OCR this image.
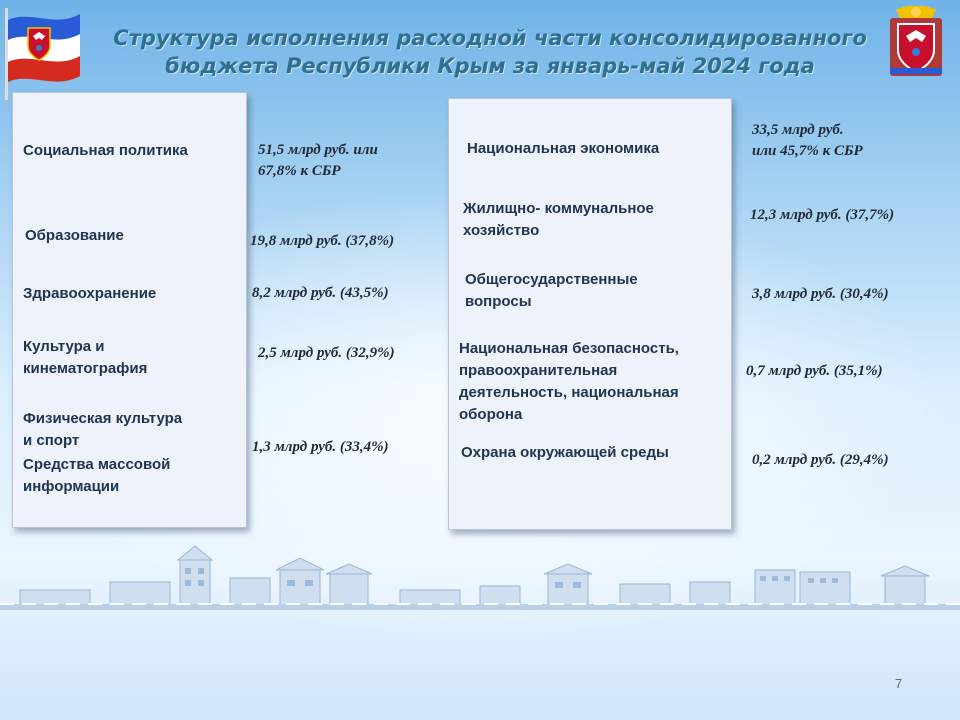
Структура исполнения расходной части консолидированного
бюджета Республики Крым за январь-май 2024 года
Социальная политика
Образование
Здравоохранение
Культура и
кинематография
Физическая культура
и спорт
Средства массовой
информации
51,5 млрд руб. или
67,8% к СБР
19,8 млрд руб. (37,8%)
8,2 млрд руб. (43,5%)
2,5 млрд руб. (32,9%)
1,3 млрд руб. (33,4%)
Национальная экономика
Жилищно- коммунальное
хозяйство
Общегосударственные
вопросы
Национальная безопасность,
правоохранительная
деятельность, национальная
оборона
Охрана окружающей среды
33,5 млрд руб.
или 45,7% к СБР
12,3 млрд руб. (37,7%)
3,8 млрд руб. (30,4%)
0,7 млрд руб. (35,1%)
0,2 млрд руб. (29,4%)
7
